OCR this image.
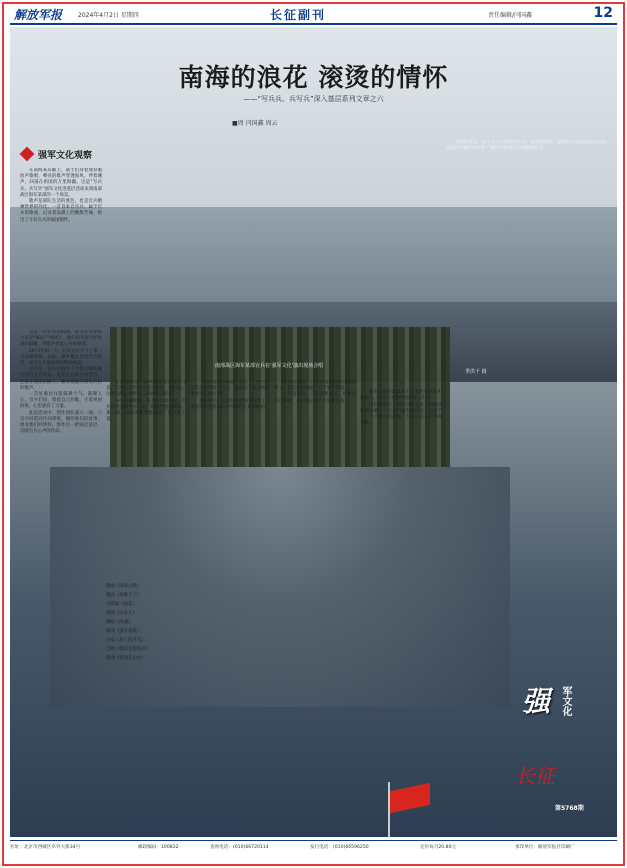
解放军报	2024年4月2日 星期四	长征副刊	责任编辑/闫国鑫	12
南海的浪花 滚烫的情怀
——“写兵兵、兵写兵”深入基层系列文章之六
■周 闫国鑫 周云
南部战区海军某部官兵在‘强军文化’演出现场合唱
季洪千 摄
强军文化观察

在南海某岛礁上，战士们身着迷彩服放声歌唱，嘹亮的歌声穿透海风，伴着潮声，回荡在祖国的万里海疆。这是“写兵兵、兵写兵”强军文化进基层活动来到南部战区海军某部的一个场景。

歌声是部队生活的底色，也是官兵精神世界的外化。一首首来自官兵、属于官兵的歌曲，记录着岛礁上的酸甜苦辣，唱出了守岛官兵的家国情怀。

这是一片年轻的海域，驻守在这里的大多是“90后”“00后”。他们用青春守护祖国的海疆，用歌声抒发心中的豪情。

1973年的一天，驻岛官兵写下了第一首岛礁战歌。从此，歌声便在这里代代相传，成为官兵最珍贵的精神财富。

这些年，官兵们创作了大量反映岛礁生活的文艺作品，无论是在狭小的营房，还是在巡逻的路上，随时都能听到官兵们的歌声。

一首好歌往往能鼓舞士气、凝聚人心。官兵们说，唱着自己的歌，守着祖国的海，心里就有了力量。

此次活动中，创作团队深入一线，与官兵同吃同住同训练，倾听他们的故事，感受他们的情怀，创作出一批贴近基层、反映官兵心声的作品。

在南海深处，海风裹挟着咸涩的气息，官兵们在烈日下坚守岗位。他们说，这里虽然远离繁华，却离祖国最近。

每当夜幕降临，岛上的灯塔亮起，官兵们便会围坐在一起，唱起熟悉的战歌。那一刻，所有的疲惫都化作了坚守的力量。

歌曲《南海之歌》
歌曲《岛礁卫士》
诗朗诵《浪花》
歌曲《守岛人》
舞蹈《海魂》
歌曲《强军战歌》
小品《岛上的月光》
合唱《我们是南海兵》
歌曲《祖国在心中》

一曲曲豪迈的战歌，见证了一代代守岛官兵的青春与坚守，也见证了祖国海防事业的发展与进步。

我们相信，在新时代的强军征程上，南海的浪花将永远为英雄的官兵而歌唱。

在活动现场，官兵们用饱满的热情演唱了一首首原创歌曲，台下掌声雷动。

一位老兵说，守岛虽然艰苦，但唱着自己的歌，心中便充满了力量和自豪。

三

强军文化的建设离不开基层官兵的积极参与，更离不开创作者的深入生活。

这次活动中，创作团队走进了南海深处的岛礁，与官兵们面对面交流，记录下了一个个感人的故事，为官兵送去了精神食粮。

南海的浪花，是守岛官兵青春的见证；滚烫的情怀，是他们对祖国最深沉的爱。他们用实际行动诠释了新时代革命军人的使命担当。

强 军文化
长征
第5768期
社址：北京市西城区阜外大街34号	邮政编码：100832	查询电话：(010)66720114	发行电话：(010)66596250	定价每月20.80元	承印单位：解放军报社印刷厂
